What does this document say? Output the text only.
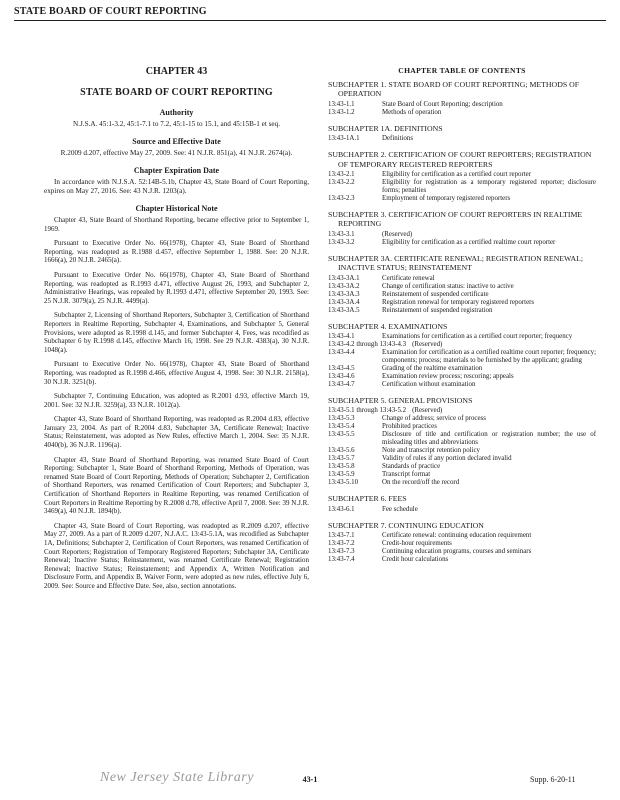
STATE BOARD OF COURT REPORTING
CHAPTER 43
STATE BOARD OF COURT REPORTING
Authority
N.J.S.A. 45:1-3.2, 45:1-7.1 to 7.2, 45:1-15 to 15.1, and 45:15B-1 et seq.
Source and Effective Date
R.2009 d.207, effective May 27, 2009. See: 41 N.J.R. 851(a), 41 N.J.R. 2674(a).
Chapter Expiration Date
In accordance with N.J.S.A. 52:14B-5.1b, Chapter 43, State Board of Court Reporting, expires on May 27, 2016. See: 43 N.J.R. 1203(a).
Chapter Historical Note

Chapter 43, State Board of Shorthand Reporting, became effective prior to September 1, 1969.

Pursuant to Executive Order No. 66(1978), Chapter 43, State Board of Shorthand Reporting, was readopted as R.1988 d.457, effective September 1, 1988. See: 20 N.J.R. 1666(a), 20 N.J.R. 2465(a).

Pursuant to Executive Order No. 66(1978), Chapter 43, State Board of Shorthand Reporting, was readopted as R.1993 d.471, effective August 26, 1993, and Subchapter 2, Administrative Hearings, was repealed by R.1993 d.471, effective September 20, 1993. See: 25 N.J.R. 3079(a), 25 N.J.R. 4499(a).

Subchapter 2, Licensing of Shorthand Reporters, Subchapter 3, Certification of Shorthand Reporters in Realtime Reporting, Subchapter 4, Examinations, and Subchapter 5, General Provisions, were adopted as R.1998 d.145, and former Subchapter 4, Fees, was recodified as Subchapter 6 by R.1998 d.145, effective March 16, 1998. See 29 N.J.R. 4383(a), 30 N.J.R. 1048(a).

Pursuant to Executive Order No. 66(1978), Chapter 43, State Board of Shorthand Reporting, was readopted as R.1998 d.466, effective August 4, 1998. See: 30 N.J.R. 2158(a), 30 N.J.R. 3251(b).

Subchapter 7, Continuing Education, was adopted as R.2001 d.93, effective March 19, 2001. See: 32 N.J.R. 3259(a), 33 N.J.R. 1012(a).

Chapter 43, State Board of Shorthand Reporting, was readopted as R.2004 d.83, effective January 23, 2004. As part of R.2004 d.83, Subchapter 3A, Certificate Renewal; Inactive Status; Reinstatement, was adopted as New Rules, effective March 1, 2004. See: 35 N.J.R. 4040(b), 36 N.J.R. 1196(a).

Chapter 43, State Board of Shorthand Reporting, was renamed State Board of Court Reporting; Subchapter 1, State Board of Shorthand Reporting, Methods of Operation, was renamed State Board of Court Reporting, Methods of Operation; Subchapter 2, Certification of Shorthand Reporters, was renamed Certification of Court Reporters; and Subchapter 3, Certification of Shorthand Reporters in Realtime Reporting, was renamed Certification of Court Reporters in Realtime Reporting by R.2008 d.78, effective April 7, 2008. See: 39 N.J.R. 3469(a), 40 N.J.R. 1894(b).

Chapter 43, State Board of Court Reporting, was readopted as R.2009 d.207, effective May 27, 2009. As a part of R.2009 d.207, N.J.A.C. 13:43-5.1A, was recodified as Subchapter 1A, Definitions; Subchapter 2, Certification of Court Reporters, was renamed Certification of Court Reporters; Registration of Temporary Registered Reporters; Subchapter 3A, Certificate Renewal; Inactive Status; Reinstatement, was renamed Certificate Renewal; Registration Renewal; Inactive Status; Reinstatement; and Appendix A, Written Notification and Disclosure Form, and Appendix B, Waiver Form, were adopted as new rules, effective July 6, 2009. See: Source and Effective Date. See, also, section annotations.

CHAPTER TABLE OF CONTENTS
SUBCHAPTER 1. STATE BOARD OF COURT REPORTING; METHODS OF OPERATION
13:43-1.1	State Board of Court Reporting; description
13:43-1.2	Methods of operation
SUBCHAPTER 1A. DEFINITIONS
13:43-1A.1	Definitions
SUBCHAPTER 2. CERTIFICATION OF COURT REPORTERS; REGISTRATION OF TEMPORARY REGISTERED REPORTERS
13:43-2.1	Eligibility for certification as a certified court reporter
13:43-2.2	Eligibility for registration as a temporary registered reporter; disclosure forms; penalties
13:43-2.3	Employment of temporary registered reporters
SUBCHAPTER 3. CERTIFICATION OF COURT REPORTERS IN REALTIME REPORTING
13:43-3.1	(Reserved)
13:43-3.2	Eligibility for certification as a certified realtime court reporter
SUBCHAPTER 3A. CERTIFICATE RENEWAL; REGISTRATION RENEWAL; INACTIVE STATUS; REINSTATEMENT
13:43-3A.1	Certificate renewal
13:43-3A.2	Change of certification status: inactive to active
13:43-3A.3	Reinstatement of suspended certificate
13:43-3A.4	Registration renewal for temporary registered reporters
13:43-3A.5	Reinstatement of suspended registration
SUBCHAPTER 4. EXAMINATIONS
13:43-4.1	Examinations for certification as a certified court reporter; frequency
13:43-4.2 through 13:43-4.3 (Reserved)
13:43-4.4	Examination for certification as a certified realtime court reporter; frequency; components; process; materials to be furnished by the applicant; grading
13:43-4.5	Grading of the realtime examination
13:43-4.6	Examination review process; rescoring; appeals
13:43-4.7	Certification without examination
SUBCHAPTER 5. GENERAL PROVISIONS
13:43-5.1 through 13:43-5.2 (Reserved)
13:43-5.3	Change of address; service of process
13:43-5.4	Prohibited practices
13:43-5.5	Disclosure of title and certification or registration number; the use of misleading titles and abbreviations
13:43-5.6	Note and transcript retention policy
13:43-5.7	Validity of rules if any portion declared invalid
13:43-5.8	Standards of practice
13:43-5.9	Transcript format
13:43-5.10	On the record/off the record
SUBCHAPTER 6. FEES
13:43-6.1	Fee schedule
SUBCHAPTER 7. CONTINUING EDUCATION
13:43-7.1	Certificate renewal: continuing education requirement
13:43-7.2	Credit-hour requirements
13:43-7.3	Continuing education programs, courses and seminars
13:43-7.4	Credit hour calculations
New Jersey State Library	43-1	Supp. 6-20-11
